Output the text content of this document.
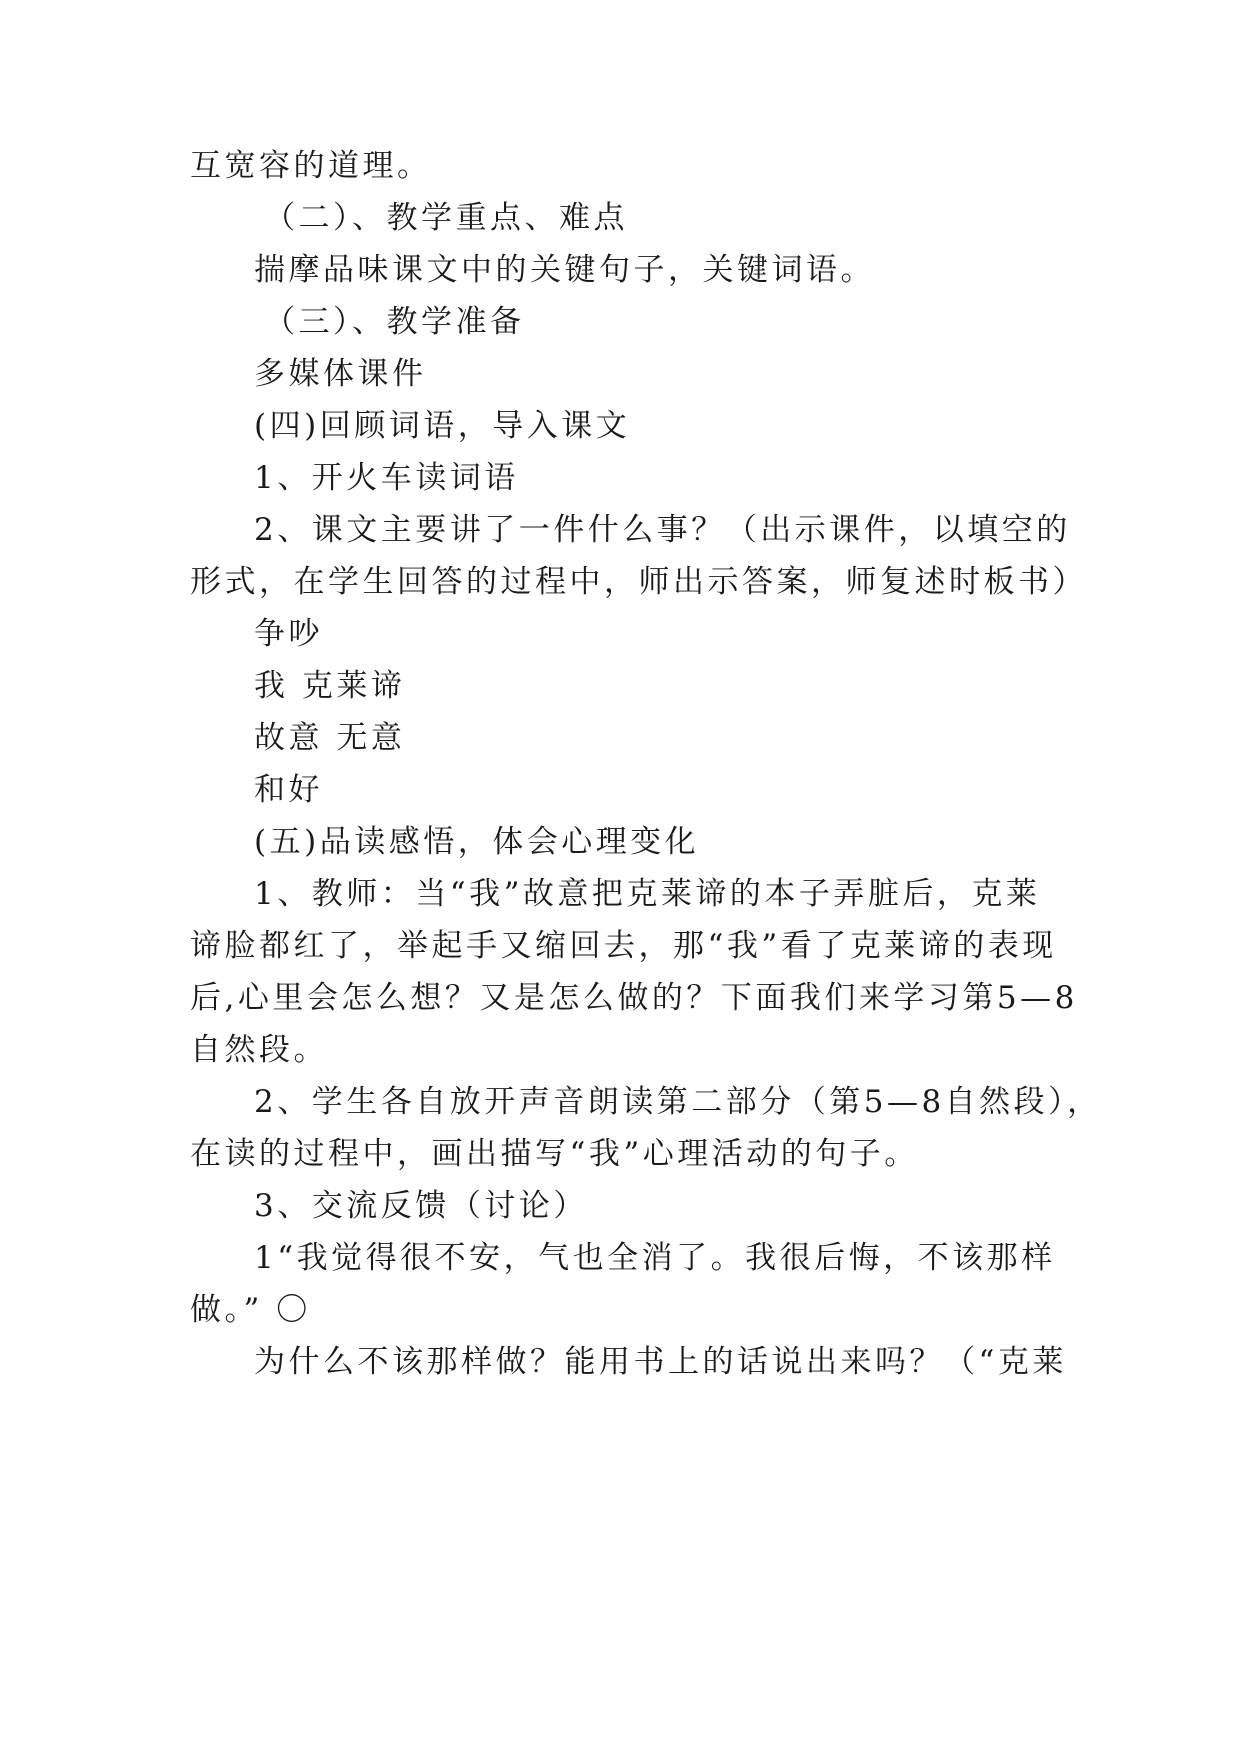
互宽容的道理。

（二）、教学重点、难点

揣摩品味课文中的关键句子，关键词语。

（三）、教学准备

多媒体课件

(四)回顾词语，导入课文

1、开火车读词语

2、课文主要讲了一件什么事？（出示课件，以填空的

形式，在学生回答的过程中，师出示答案，师复述时板书）

争吵

我 克莱谛

故意 无意

和好

(五)品读感悟，体会心理变化

1、教师：当“我”故意把克莱谛的本子弄脏后，克莱

谛脸都红了，举起手又缩回去，那“我”看了克莱谛的表现

后,心里会怎么想？又是怎么做的？下面我们来学习第5—8

自然段。

2、学生各自放开声音朗读第二部分（第5—8自然段），

在读的过程中，画出描写“我”心理活动的句子。

3、交流反馈（讨论）

1“我觉得很不安，气也全消了。我很后悔，不该那样

做。” 〇

为什么不该那样做？能用书上的话说出来吗？（“克莱
